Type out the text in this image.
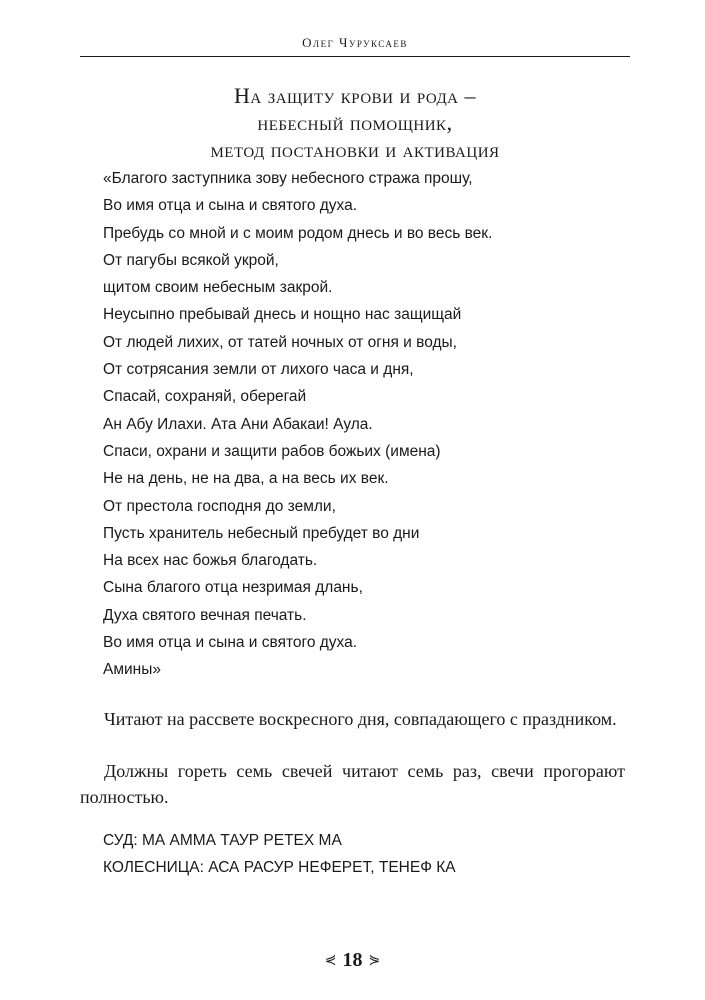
Олег Чуруксаев
На защиту крови и рода –
небесный помощник,
метод постановки и активация
«Благого заступника зову небесного стража прошу,
Во имя отца и сына и святого духа.
Пребудь со мной и с моим родом днесь и во весь век.
От пагубы всякой укрой,
щитом своим небесным закрой.
Неусыпно пребывай днесь и нощно нас защищай
От людей лихих, от татей ночных от огня и воды,
От сотрясания земли от лихого часа и дня,
Спасай, сохраняй, оберегай
Ан Абу Илахи. Ата Ани Абакаи! Аула.
Спаси, охрани и защити рабов божьих (имена)
Не на день, не на два, а на весь их век.
От престола господня до земли,
Пусть хранитель небесный пребудет во дни
На всех нас божья благодать.
Сына благого отца незримая длань,
Духа святого вечная печать.
Во имя отца и сына и святого духа.
Амины»

Читают на рассвете воскресного дня, совпадающего с праздником.

Должны гореть семь свечей читают семь раз, свечи прогорают полностью.

СУД: МА АММА ТАУР РЕТЕХ МА
КОЛЕСНИЦА: АСА РАСУР НЕФЕРЕТ, ТЕНЕФ КА
⋞ 18 ⋟
